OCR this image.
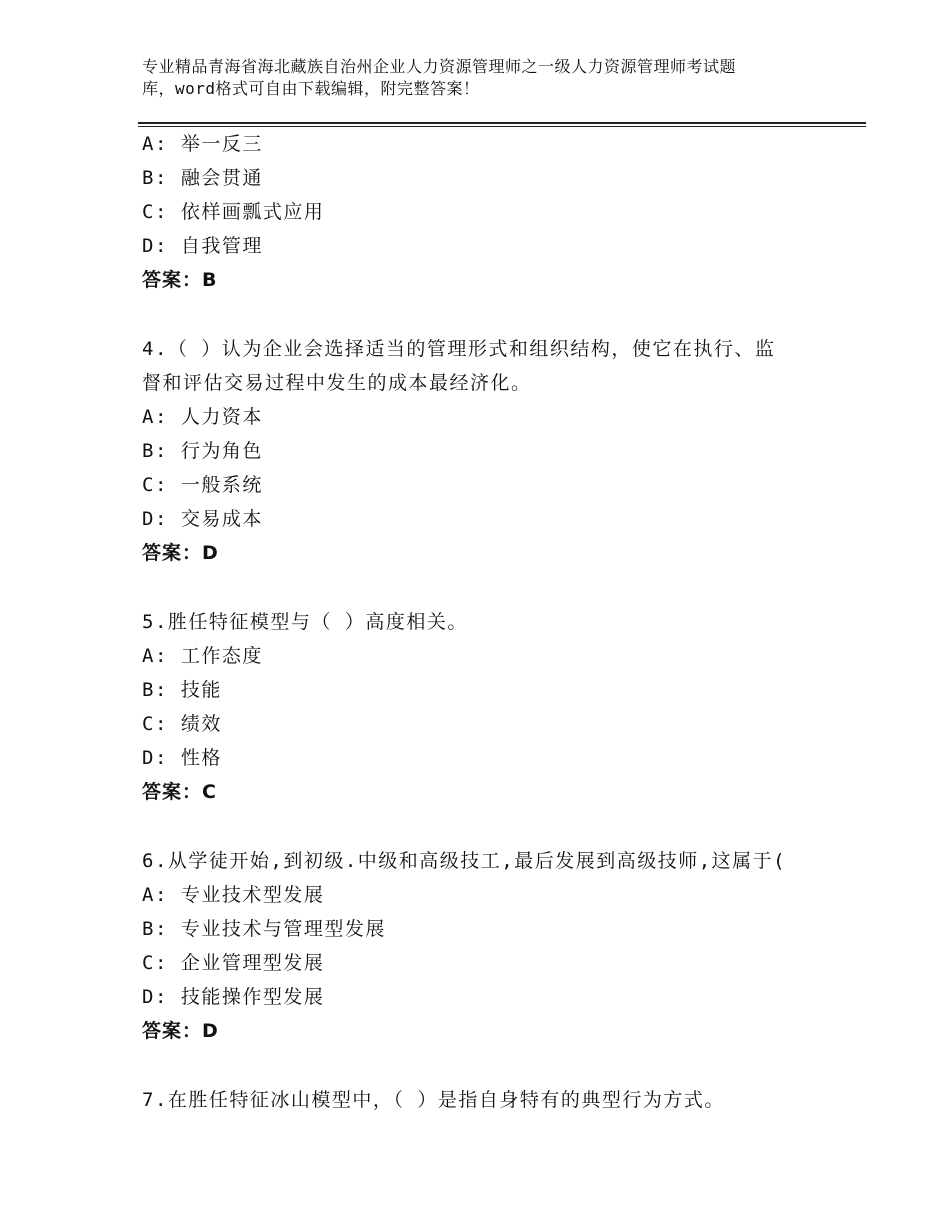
专业精品青海省海北藏族自治州企业人力资源管理师之一级人力资源管理师考试题
库，word格式可自由下载编辑，附完整答案！
A: 举一反三
B: 融会贯通
C: 依样画瓢式应用
D: 自我管理
答案：B
4.（ ）认为企业会选择适当的管理形式和组织结构，使它在执行、监
督和评估交易过程中发生的成本最经济化。
A: 人力资本
B: 行为角色
C: 一般系统
D: 交易成本
答案：D
5.胜任特征模型与（ ）高度相关。
A: 工作态度
B: 技能
C: 绩效
D: 性格
答案：C
6.从学徒开始,到初级.中级和高级技工,最后发展到高级技师,这属于(
A: 专业技术型发展
B: 专业技术与管理型发展
C: 企业管理型发展
D: 技能操作型发展
答案：D
7.在胜任特征冰山模型中，（ ）是指自身特有的典型行为方式。
